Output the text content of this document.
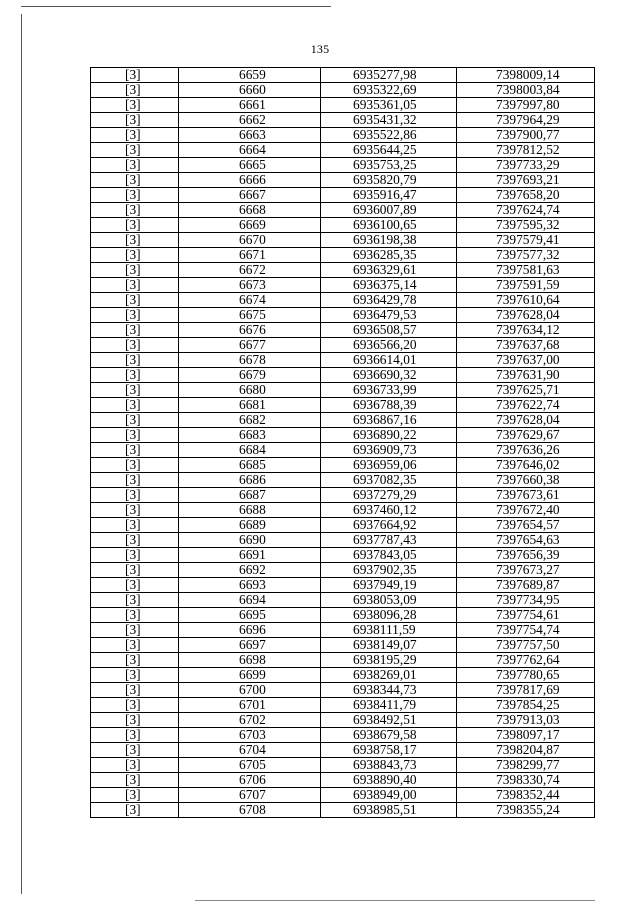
135
[3]	6659	6935277,98	7398009,14
[3]	6660	6935322,69	7398003,84
[3]	6661	6935361,05	7397997,80
[3]	6662	6935431,32	7397964,29
[3]	6663	6935522,86	7397900,77
[3]	6664	6935644,25	7397812,52
[3]	6665	6935753,25	7397733,29
[3]	6666	6935820,79	7397693,21
[3]	6667	6935916,47	7397658,20
[3]	6668	6936007,89	7397624,74
[3]	6669	6936100,65	7397595,32
[3]	6670	6936198,38	7397579,41
[3]	6671	6936285,35	7397577,32
[3]	6672	6936329,61	7397581,63
[3]	6673	6936375,14	7397591,59
[3]	6674	6936429,78	7397610,64
[3]	6675	6936479,53	7397628,04
[3]	6676	6936508,57	7397634,12
[3]	6677	6936566,20	7397637,68
[3]	6678	6936614,01	7397637,00
[3]	6679	6936690,32	7397631,90
[3]	6680	6936733,99	7397625,71
[3]	6681	6936788,39	7397622,74
[3]	6682	6936867,16	7397628,04
[3]	6683	6936890,22	7397629,67
[3]	6684	6936909,73	7397636,26
[3]	6685	6936959,06	7397646,02
[3]	6686	6937082,35	7397660,38
[3]	6687	6937279,29	7397673,61
[3]	6688	6937460,12	7397672,40
[3]	6689	6937664,92	7397654,57
[3]	6690	6937787,43	7397654,63
[3]	6691	6937843,05	7397656,39
[3]	6692	6937902,35	7397673,27
[3]	6693	6937949,19	7397689,87
[3]	6694	6938053,09	7397734,95
[3]	6695	6938096,28	7397754,61
[3]	6696	6938111,59	7397754,74
[3]	6697	6938149,07	7397757,50
[3]	6698	6938195,29	7397762,64
[3]	6699	6938269,01	7397780,65
[3]	6700	6938344,73	7397817,69
[3]	6701	6938411,79	7397854,25
[3]	6702	6938492,51	7397913,03
[3]	6703	6938679,58	7398097,17
[3]	6704	6938758,17	7398204,87
[3]	6705	6938843,73	7398299,77
[3]	6706	6938890,40	7398330,74
[3]	6707	6938949,00	7398352,44
[3]	6708	6938985,51	7398355,24
